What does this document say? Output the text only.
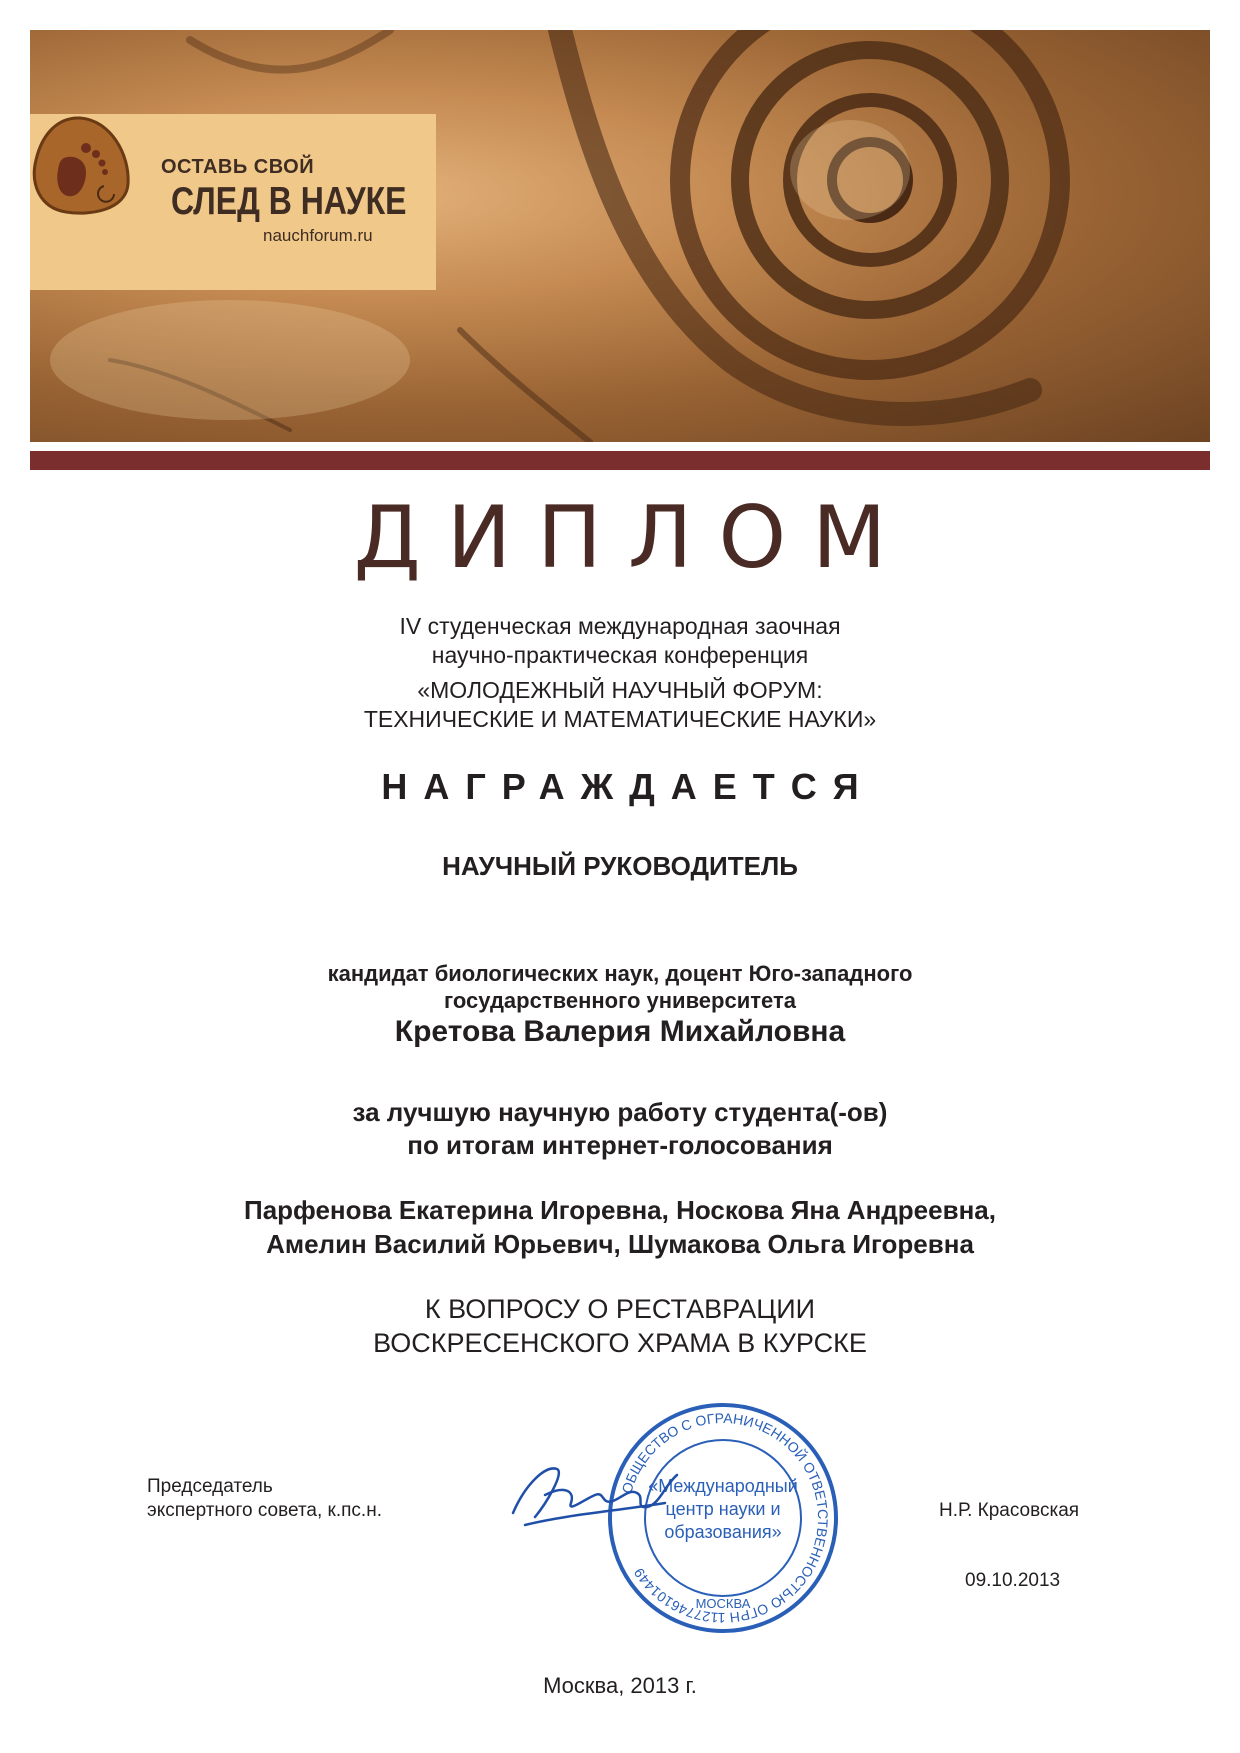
ОСТАВЬ СВОЙ
СЛЕД В НАУКЕ
nauchforum.ru
ДИПЛОМ
IV студенческая международная заочная
научно-практическая конференция
«МОЛОДЕЖНЫЙ НАУЧНЫЙ ФОРУМ:
ТЕХНИЧЕСКИЕ И МАТЕМАТИЧЕСКИЕ НАУКИ»
НАГРАЖДАЕТСЯ
НАУЧНЫЙ РУКОВОДИТЕЛЬ
кандидат биологических наук, доцент Юго-западного
государственного университета
Кретова Валерия Михайловна
за лучшую научную работу студента(-ов)
по итогам интернет-голосования
Парфенова Екатерина Игоревна, Носкова Яна Андреевна,
Амелин Василий Юрьевич, Шумакова Ольга Игоревна
К ВОПРОСУ О РЕСТАВРАЦИИ
ВОСКРЕСЕНСКОГО ХРАМА В КУРСКЕ
Председатель
экспертного совета, к.пс.н.
ОБЩЕСТВО С ОГРАНИЧЕННОЙ ОТВЕТСТВЕННОСТЬЮ ОГРН 1127746101449
«Международный
центр науки и
образования»
МОСКВА
Н.Р. Красовская
09.10.2013
Москва, 2013 г.
